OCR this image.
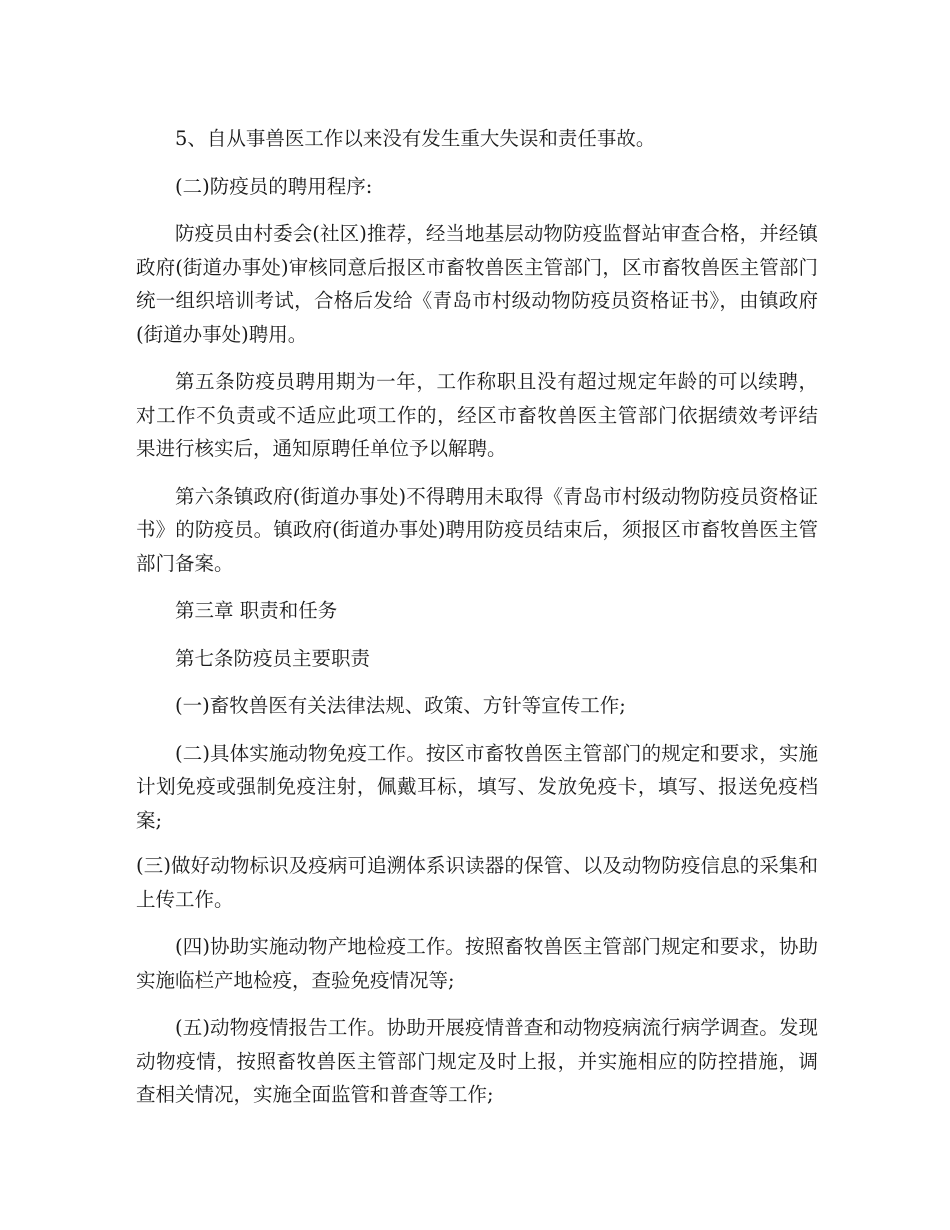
5、自从事兽医工作以来没有发生重大失误和责任事故。

(二)防疫员的聘用程序:

防疫员由村委会(社区)推荐，经当地基层动物防疫监督站审查合格，并经镇政府(街道办事处)审核同意后报区市畜牧兽医主管部门，区市畜牧兽医主管部门统一组织培训考试，合格后发给《青岛市村级动物防疫员资格证书》，由镇政府(街道办事处)聘用。

第五条防疫员聘用期为一年，工作称职且没有超过规定年龄的可以续聘，对工作不负责或不适应此项工作的，经区市畜牧兽医主管部门依据绩效考评结果进行核实后，通知原聘任单位予以解聘。

第六条镇政府(街道办事处)不得聘用未取得《青岛市村级动物防疫员资格证书》的防疫员。镇政府(街道办事处)聘用防疫员结束后，须报区市畜牧兽医主管部门备案。

第三章 职责和任务

第七条防疫员主要职责

(一)畜牧兽医有关法律法规、政策、方针等宣传工作;

(二)具体实施动物免疫工作。按区市畜牧兽医主管部门的规定和要求，实施计划免疫或强制免疫注射，佩戴耳标，填写、发放免疫卡，填写、报送免疫档案;

(三)做好动物标识及疫病可追溯体系识读器的保管、以及动物防疫信息的采集和上传工作。

(四)协助实施动物产地检疫工作。按照畜牧兽医主管部门规定和要求，协助实施临栏产地检疫，查验免疫情况等;

(五)动物疫情报告工作。协助开展疫情普查和动物疫病流行病学调查。发现动物疫情，按照畜牧兽医主管部门规定及时上报，并实施相应的防控措施，调查相关情况，实施全面监管和普查等工作;
